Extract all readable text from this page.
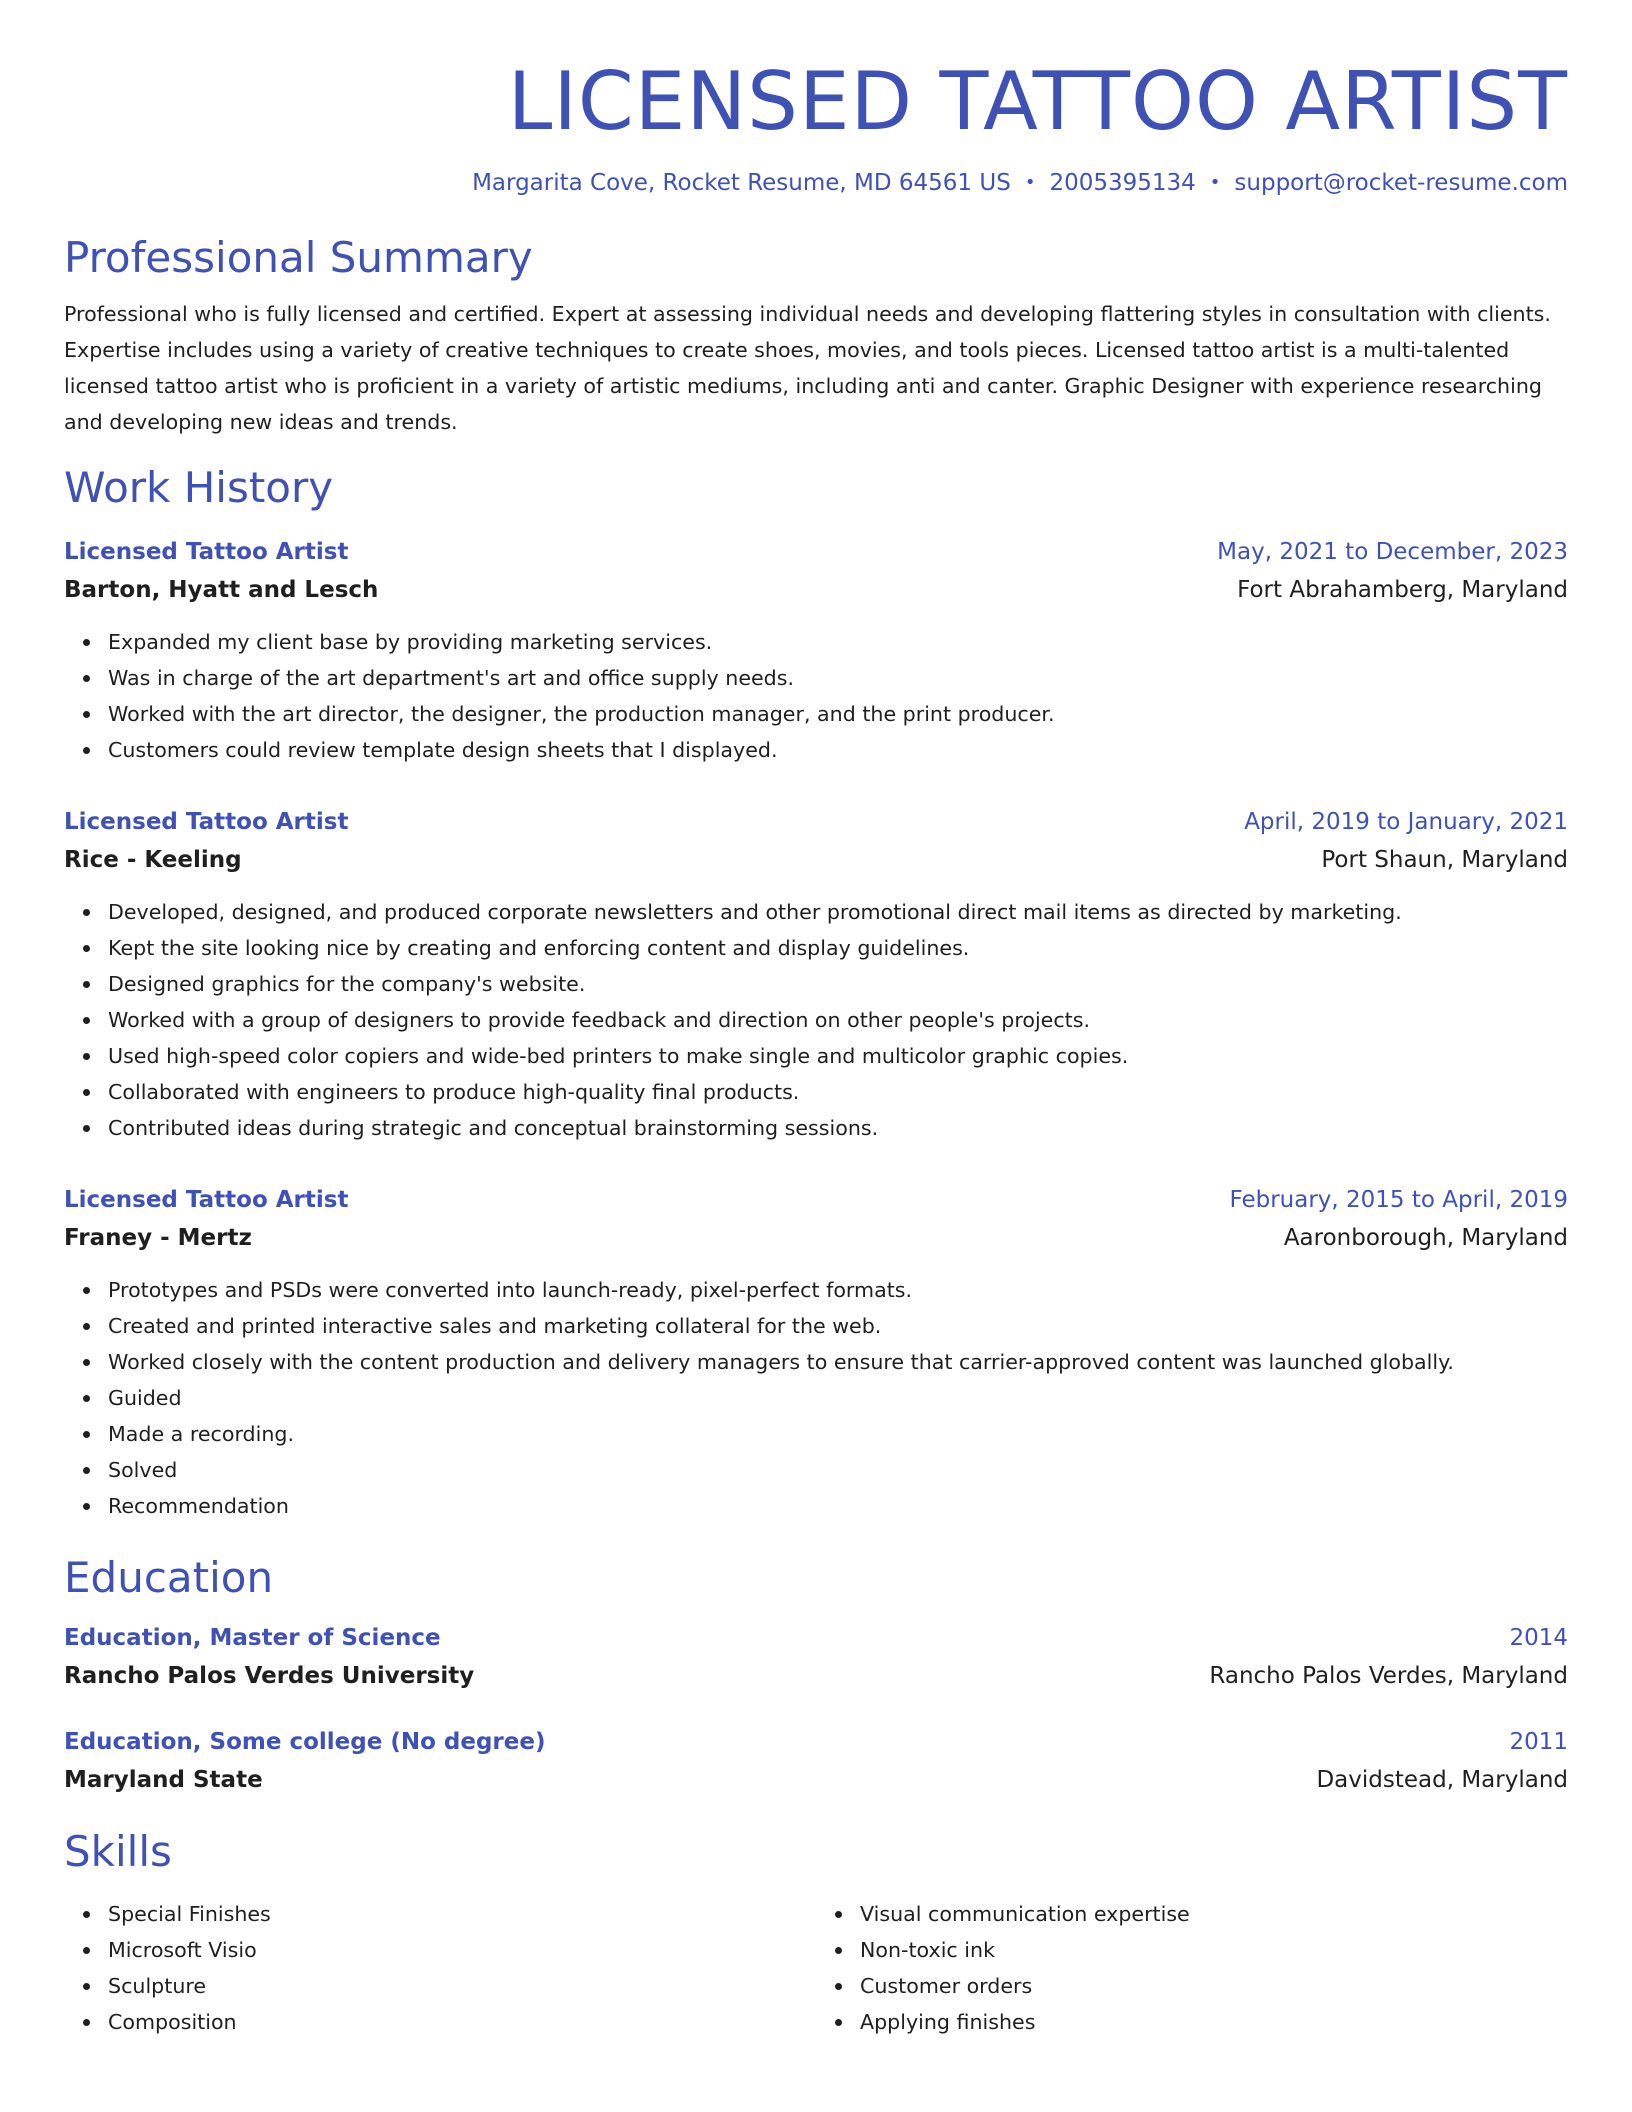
LICENSED TATTOO ARTIST
Margarita Cove, Rocket Resume, MD 64561 US • 2005395134 • support@rocket-resume.com
Professional Summary

Professional who is fully licensed and certified. Expert at assessing individual needs and developing flattering styles in consultation with clients. Expertise includes using a variety of creative techniques to create shoes, movies, and tools pieces. Licensed tattoo artist is a multi-talented licensed tattoo artist who is proficient in a variety of artistic mediums, including anti and canter. Graphic Designer with experience researching and developing new ideas and trends.

Work History
Licensed Tattoo Artist	May, 2021 to December, 2023
Barton, Hyatt and Lesch	Fort Abrahamberg, Maryland
Expanded my client base by providing marketing services.
Was in charge of the art department's art and office supply needs.
Worked with the art director, the designer, the production manager, and the print producer.
Customers could review template design sheets that I displayed.
Licensed Tattoo Artist	April, 2019 to January, 2021
Rice - Keeling	Port Shaun, Maryland
Developed, designed, and produced corporate newsletters and other promotional direct mail items as directed by marketing.
Kept the site looking nice by creating and enforcing content and display guidelines.
Designed graphics for the company's website.
Worked with a group of designers to provide feedback and direction on other people's projects.
Used high-speed color copiers and wide-bed printers to make single and multicolor graphic copies.
Collaborated with engineers to produce high-quality final products.
Contributed ideas during strategic and conceptual brainstorming sessions.
Licensed Tattoo Artist	February, 2015 to April, 2019
Franey - Mertz	Aaronborough, Maryland
Prototypes and PSDs were converted into launch-ready, pixel-perfect formats.
Created and printed interactive sales and marketing collateral for the web.
Worked closely with the content production and delivery managers to ensure that carrier-approved content was launched globally.
Guided
Made a recording.
Solved
Recommendation
Education
Education, Master of Science	2014
Rancho Palos Verdes University	Rancho Palos Verdes, Maryland
Education, Some college (No degree)	2011
Maryland State	Davidstead, Maryland
Skills
Special Finishes
Microsoft Visio
Sculpture
Composition
Visual communication expertise
Non-toxic ink
Customer orders
Applying finishes
